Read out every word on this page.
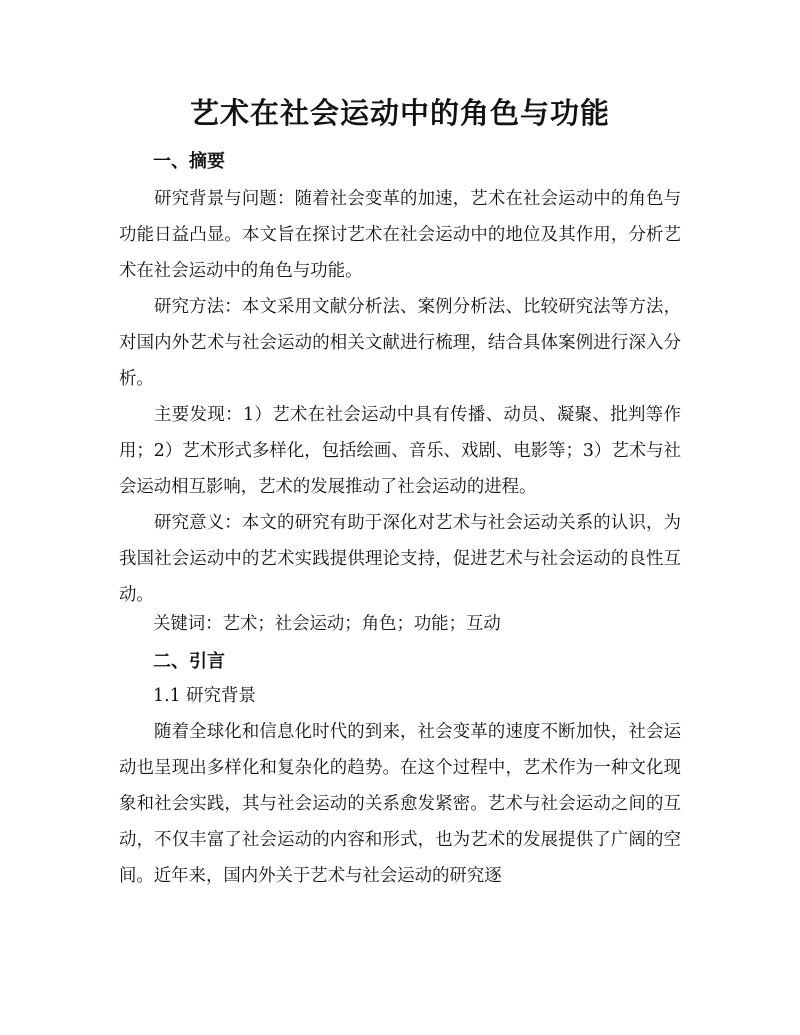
艺术在社会运动中的角色与功能
一、摘要

研究背景与问题：随着社会变革的加速，艺术在社会运动中的角色与功能日益凸显。本文旨在探讨艺术在社会运动中的地位及其作用，分析艺术在社会运动中的角色与功能。

研究方法：本文采用文献分析法、案例分析法、比较研究法等方法，对国内外艺术与社会运动的相关文献进行梳理，结合具体案例进行深入分析。

主要发现：1）艺术在社会运动中具有传播、动员、凝聚、批判等作用；2）艺术形式多样化，包括绘画、音乐、戏剧、电影等；3）艺术与社会运动相互影响，艺术的发展推动了社会运动的进程。

研究意义：本文的研究有助于深化对艺术与社会运动关系的认识，为我国社会运动中的艺术实践提供理论支持，促进艺术与社会运动的良性互动。

关键词：艺术；社会运动；角色；功能；互动
二、引言
1.1 研究背景

随着全球化和信息化时代的到来，社会变革的速度不断加快，社会运动也呈现出多样化和复杂化的趋势。在这个过程中，艺术作为一种文化现象和社会实践，其与社会运动的关系愈发紧密。艺术与社会运动之间的互动，不仅丰富了社会运动的内容和形式，也为艺术的发展提供了广阔的空间。近年来，国内外关于艺术与社会运动的研究逐
